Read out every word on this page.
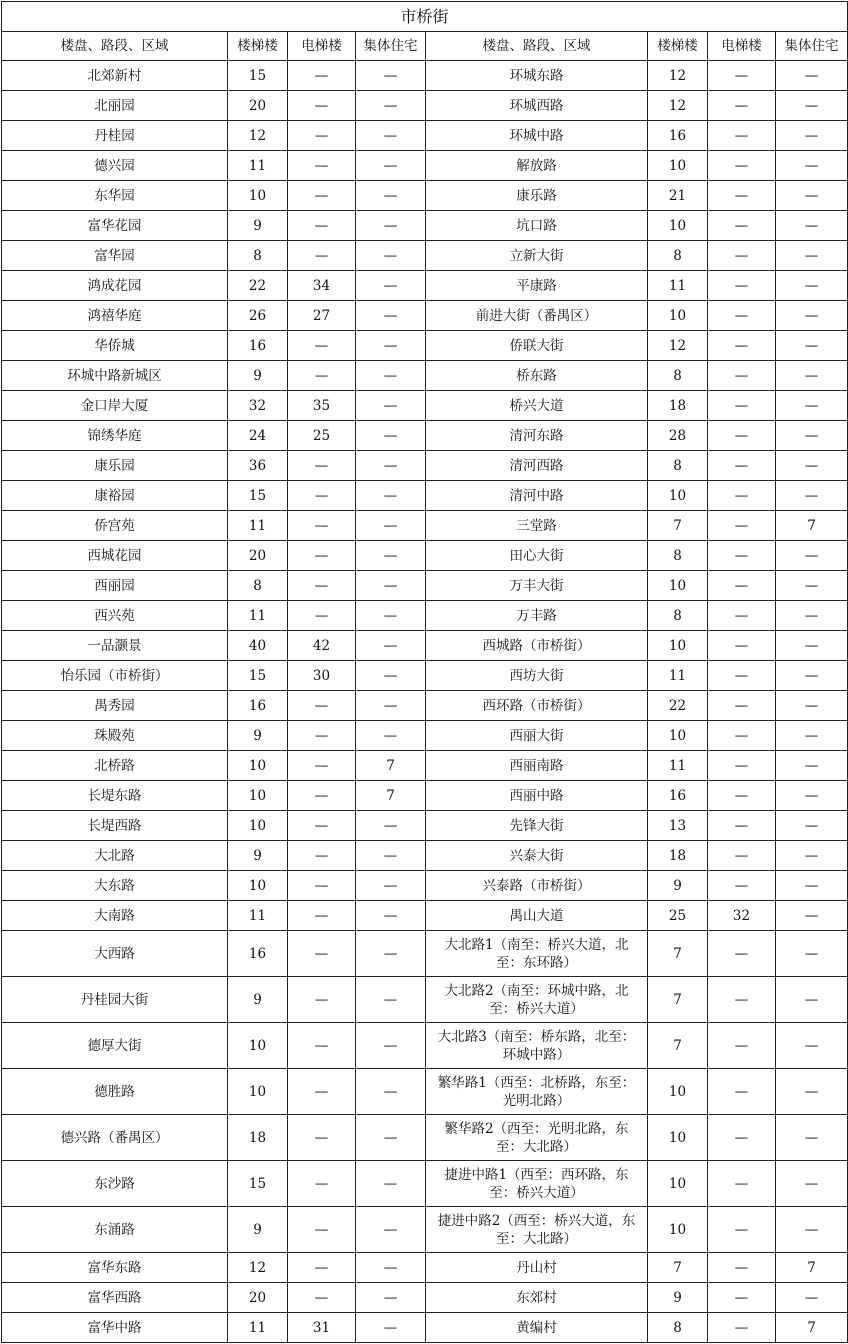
市桥街							
楼盘、路段、区域	楼梯楼	电梯楼	集体住宅	楼盘、路段、区域	楼梯楼	电梯楼	集体住宅
北郊新村	15	—	—	环城东路	12	—	—
北丽园	20	—	—	环城西路	12	—	—
丹桂园	12	—	—	环城中路	16	—	—
德兴园	11	—	—	解放路	10	—	—
东华园	10	—	—	康乐路	21	—	—
富华花园	9	—	—	坑口路	10	—	—
富华园	8	—	—	立新大街	8	—	—
鸿成花园	22	34	—	平康路	11	—	—
鸿禧华庭	26	27	—	前进大街（番禺区）	10	—	—
华侨城	16	—	—	侨联大街	12	—	—
环城中路新城区	9	—	—	桥东路	8	—	—
金口岸大厦	32	35	—	桥兴大道	18	—	—
锦绣华庭	24	25	—	清河东路	28	—	—
康乐园	36	—	—	清河西路	8	—	—
康裕园	15	—	—	清河中路	10	—	—
侨宫苑	11	—	—	三堂路	7	—	7
西城花园	20	—	—	田心大街	8	—	—
西丽园	8	—	—	万丰大街	10	—	—
西兴苑	11	—	—	万丰路	8	—	—
一品灏景	40	42	—	西城路（市桥街）	10	—	—
怡乐园（市桥街）	15	30	—	西坊大街	11	—	—
禺秀园	16	—	—	西环路（市桥街）	22	—	—
珠殿苑	9	—	—	西丽大街	10	—	—
北桥路	10	—	7	西丽南路	11	—	—
长堤东路	10	—	7	西丽中路	16	—	—
长堤西路	10	—	—	先锋大街	13	—	—
大北路	9	—	—	兴泰大街	18	—	—
大东路	10	—	—	兴泰路（市桥街）	9	—	—
大南路	11	—	—	禺山大道	25	32	—
大西路	16	—	—	大北路1（南至：桥兴大道，北至：东环路）	7	—	—
丹桂园大街	9	—	—	大北路2（南至：环城中路，北至：桥兴大道）	7	—	—
德厚大街	10	—	—	大北路3（南至：桥东路，北至：环城中路）	7	—	—
德胜路	10	—	—	繁华路1（西至：北桥路，东至：光明北路）	10	—	—
德兴路（番禺区）	18	—	—	繁华路2（西至：光明北路，东至：大北路）	10	—	—
东沙路	15	—	—	捷进中路1（西至：西环路，东至：桥兴大道）	10	—	—
东涌路	9	—	—	捷进中路2（西至：桥兴大道，东至：大北路）	10	—	—
富华东路	12	—	—	丹山村	7	—	7
富华西路	20	—	—	东郊村	9	—	—
富华中路	11	31	—	黄编村	8	—	7
